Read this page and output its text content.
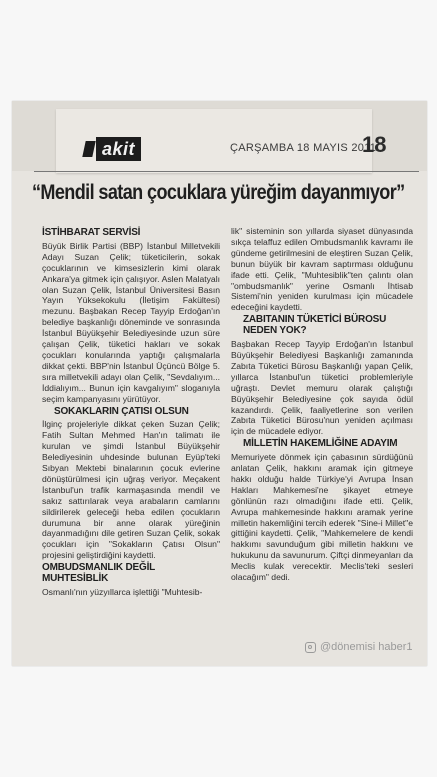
akit	ÇARŞAMBA 18 MAYIS 2011
18
“Mendil satan çocuklara yüreğim dayanmıyor”
İSTİHBARAT SERVİSİ

Büyük Birlik Partisi (BBP) İstanbul Milletvekili Adayı Suzan Çelik; tüketicilerin, sokak çocuklarının ve kimsesizlerin kimi olarak Ankara'ya gitmek için çalışıyor. Aslen Malatyalı olan Suzan Çelik, İstanbul Üniversitesi Basın Yayın Yüksekokulu (İletişim Fakültesi) mezunu. Başbakan Recep Tayyip Erdoğan'ın belediye başkanlığı döneminde ve sonrasında İstanbul Büyükşehir Belediyesinde uzun süre çalışan Çelik, tüketici hakları ve sokak çocukları konularında yaptığı çalışmalarla dikkat çekti. BBP'nin İstanbul Üçüncü Bölge 5. sıra milletvekili adayı olan Çelik, "Sevdalıyım... İddialıyım... Bunun için kavgalıyım" sloganıyla seçim kampanyasını yürütüyor.

SOKAKLARIN ÇATISI OLSUN

İlginç projeleriyle dikkat çeken Suzan Çelik; Fatih Sultan Mehmed Han'ın talimatı ile kurulan ve şimdi İstanbul Büyükşehir Belediyesinin uhdesinde bulunan Eyüp'teki Sıbyan Mektebi binalarının çocuk evlerine dönüştürülmesi için uğraş veriyor. Meçakent İstanbul'un trafik karmaşasında mendil ve sakız sattırılarak veya arabaların camlarını sildirilerek geleceği heba edilen çocukların durumuna bir anne olarak yüreğinin dayanmadığını dile getiren Suzan Çelik, sokak çocukları için "Sokakların Çatısı Olsun" projesini geliştirdiğini kaydetti.

OMBUDSMANLIK DEĞİL MUHTESİBLİK

Osmanlı'nın yüzyıllarca işlettiği "Muhtesib-

lik" sisteminin son yıllarda siyaset dünyasında sıkça telaffuz edilen Ombudsmanlık kavramı ile gündeme getirilmesini de eleştiren Suzan Çelik, bunun büyük bir kavram saptırması olduğunu ifade etti. Çelik, "Muhtesiblik"ten çalıntı olan "ombudsmanlık" yerine Osmanlı İhtisab Sistemi'nin yeniden kurulması için mücadele edeceğini kaydetti.

ZABITANIN TÜKETİCİ BÜROSU NEDEN YOK?

Başbakan Recep Tayyip Erdoğan'ın İstanbul Büyükşehir Belediyesi Başkanlığı zamanında Zabıta Tüketici Bürosu Başkanlığı yapan Çelik, yıllarca İstanbul'un tüketici problemleriyle uğraştı. Devlet memuru olarak çalıştığı Büyükşehir Belediyesine çok sayıda ödül kazandırdı. Çelik, faaliyetlerine son verilen Zabıta Tüketici Bürosu'nun yeniden açılması için de mücadele ediyor.

MİLLETİN HAKEMLİĞİNE ADAYIM

Memuriyete dönmek için çabasının sürdüğünü anlatan Çelik, hakkını aramak için gitmeye hakkı olduğu halde Türkiye'yi Avrupa İnsan Hakları Mahkemesi'ne şikayet etmeye gönlünün razı olmadığını ifade etti. Çelik, Avrupa mahkemesinde hakkını aramak yerine milletin hakemliğini tercih ederek "Sine-i Millet"e gittiğini kaydetti. Çelik, "Mahkemelere de kendi hakkımı savunduğum gibi milletin hakkını ve hukukunu da savunurum. Çiftçi dinmeyanları da Meclis kulak verecektir. Meclis'teki sesleri olacağım" dedi.

@dönemisi haber1
